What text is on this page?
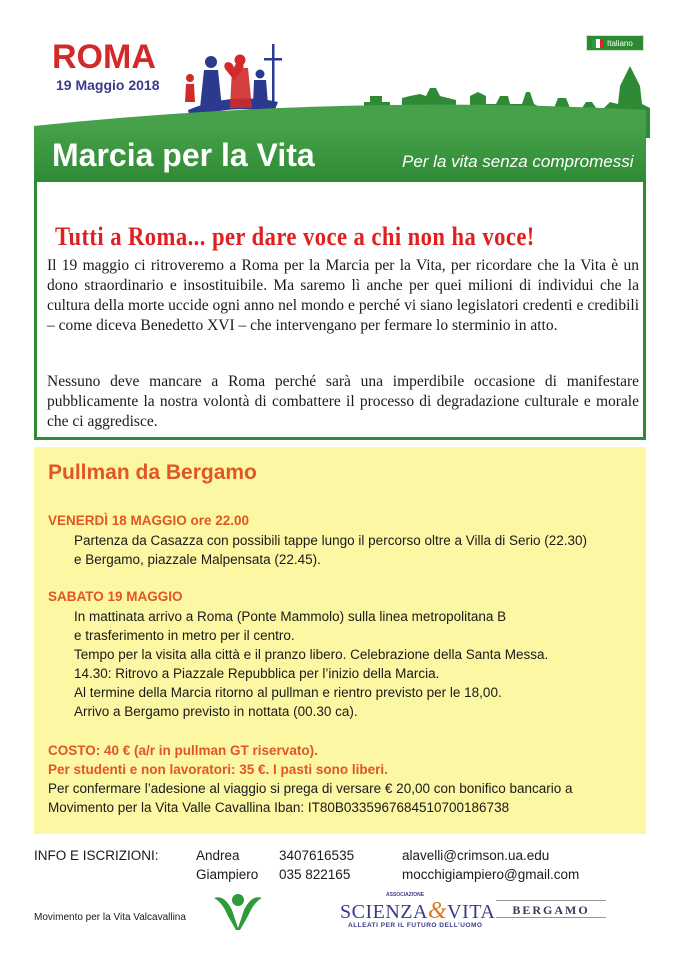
ROMA
19 Maggio 2018
Italiano
Marcia per la Vita	Per la vita senza compromessi
Tutti a Roma... per dare voce a chi non ha voce!

Il 19 maggio ci ritroveremo a Roma per la Marcia per la Vita, per ricordare che la Vita è un dono straordinario e insostituibile. Ma saremo lì anche per quei milioni di individui che la cultura della morte uccide ogni anno nel mondo e perché vi siano legislatori credenti e credibili – come diceva Benedetto XVI – che intervengano per fermare lo sterminio in atto.

Nessuno deve mancare a Roma perché sarà una imperdibile occasione di manifestare pubblicamente la nostra volontà di combattere il processo di degradazione culturale e morale che ci aggredisce.

Pullman da Bergamo
VENERDÌ 18 MAGGIO ore 22.00
Partenza da Casazza con possibili tappe lungo il percorso oltre a Villa di Serio (22.30)
e Bergamo, piazzale Malpensata (22.45).
SABATO 19 MAGGIO
In mattinata arrivo a Roma (Ponte Mammolo) sulla linea metropolitana B
e trasferimento in metro per il centro.
Tempo per la visita alla città e il pranzo libero. Celebrazione della Santa Messa.
14.30: Ritrovo a Piazzale Repubblica per l’inizio della Marcia.
Al termine della Marcia ritorno al pullman e rientro previsto per le 18,00.
Arrivo a Bergamo previsto in nottata (00.30 ca).
COSTO: 40 € (a/r in pullman GT riservato).
Per studenti e non lavoratori: 35 €. I pasti sono liberi.
Per confermare l’adesione al viaggio si prega di versare € 20,00 con bonifico bancario a
Movimento per la Vita Valle Cavallina Iban: IT80B0335967684510700186738
INFO E ISCRIZIONI:	Andrea
Giampiero
3407616535
035 822165
alavelli@crimson.ua.edu
mocchigiampiero@gmail.com
Movimento per la Vita Valcavallina
ASSOCIAZIONE
SCIENZA&VITA
ALLEATI PER IL FUTURO DELL’UOMO
BERGAMO
